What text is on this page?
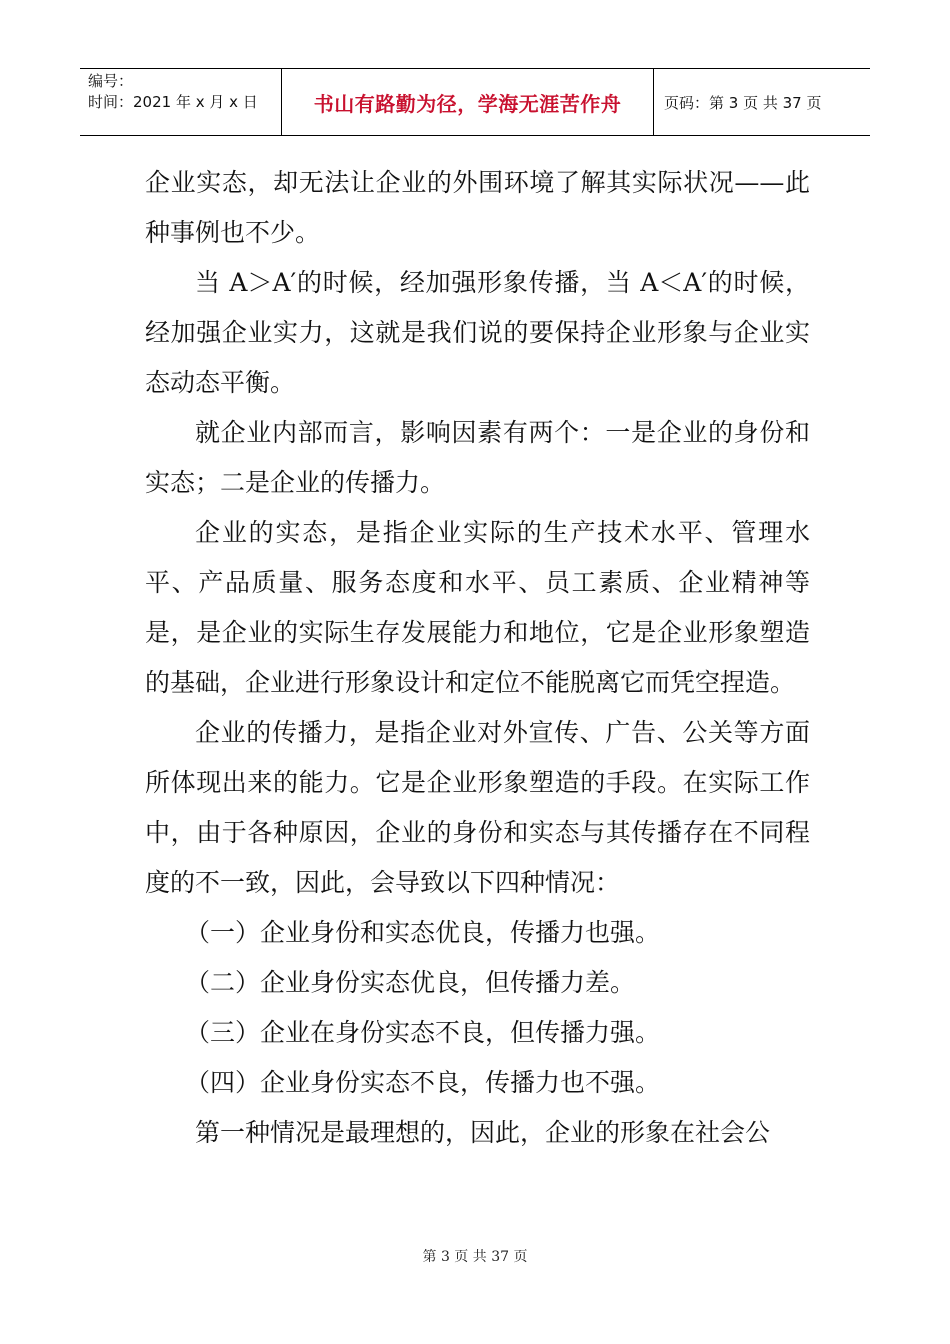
编号：
时间：2021 年 x 月 x 日	书山有路勤为径，学海无涯苦作舟	页码：第 3 页 共 37 页

企业实态，却无法让企业的外围环境了解其实际状况——此种事例也不少。

当 A＞A′的时候，经加强形象传播，当 A＜A′的时候，经加强企业实力，这就是我们说的要保持企业形象与企业实态动态平衡。

就企业内部而言，影响因素有两个：一是企业的身份和实态；二是企业的传播力。

企业的实态，是指企业实际的生产技术水平、管理水平、产品质量、服务态度和水平、员工素质、企业精神等是，是企业的实际生存发展能力和地位，它是企业形象塑造的基础，企业进行形象设计和定位不能脱离它而凭空捏造。

企业的传播力，是指企业对外宣传、广告、公关等方面所体现出来的能力。它是企业形象塑造的手段。在实际工作中，由于各种原因，企业的身份和实态与其传播存在不同程度的不一致，因此，会导致以下四种情况：

（一）企业身份和实态优良，传播力也强。

（二）企业身份实态优良，但传播力差。

（三）企业在身份实态不良，但传播力强。

（四）企业身份实态不良，传播力也不强。

第一种情况是最理想的，因此，企业的形象在社会公

第 3 页 共 37 页
